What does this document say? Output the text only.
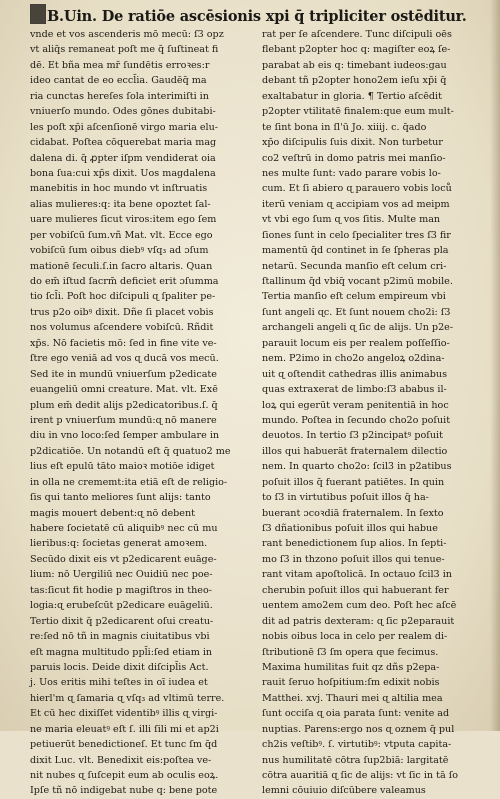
B.Uin. De ratiōe ascēsionis xpi q̄ tripliciter ostēditur.
vnde et vos ascenderis mō mecū: ſ3 opz
vt aliq̄s remaneat poſt me q̄ ſuſtineat fi
dē. Et bña mea mr̄ ſundētis erroꝛes:r
ideo cantat de eo eccl̄ia. Gaudēq̄ ma
ria cunctas hereſes ſola interimiſti in
vniuerſo mundo. Odes gōnes dubitabi-
les poſt xp̄i aſcenſionē virgo maria elu-
cidabat. Poſtea cōquerebat maria mag
dalena di. q̄ ꝓpter iſpm vendiderat oia
bona ſua:cui xp̄s dixit. Uos magdalena
manebitis in hoc mundo vt inſtruatis
alias mulieres:q: ita bene opoztet ſal-
uare mulieres ſicut viros:item ego ſem
per vobiſcū ſum.vñ Mat. vlt. Ecce ego
vobiſcū ſum oibus diebꝰ vſq₃ ad ɔſum
mationē ſeculi.ſ.in ſacro altaris. Quan
do em̄ iſtud ſacrm̄ deficiet erit ɔſumma
tio ſcl̄i. Poſt hoc diſcipuli ɋ ſpaliter pe-
trus p2o oibꝰ dixit. Dñe ſi placet vobis
nos volumus aſcendere vobiſcū. Rñdit
xp̄s. Nō facietis mō: ſed in fine vite ve-
ſtre ego veniā ad vos ɋ ducā vos mecū.
Sed ite in mundū vniuerſum p2edicate
euangeliū omni creature. Mat. vlt. Exē
plum em̄ dedit alijs p2edicatoribus.ſ. q̄
irent p vniuerſum mundū:ɋ nō manere
diu in vno loco:ſed ſemper ambulare in
p2dicatiōe. Un notandū eſt q̄ quatuo2 me
lius eſt epulū tāto maioꝛ motiōe idiget
in olla ne crememt:ita etiā eſt de religio-
ſis qui tanto meliores ſunt alijs: tanto
magis mouert debent:ɋ nō debent
habere ſocietatē cū aliquibꝰ nec cū mu
lieribus:q: ſocietas generat amoꝛem.
Secūdo dixit eis vt p2edicarent euāge-
lium: nō Uergiliū nec Ouidiū nec poe-
tas:ſicut fit hodie p magiſtros in theo-
logia:ɋ erubeſcūt p2edicare euāgeliū.
Tertio dixit q̄ p2edicarent oſui creatu-
re:ſed nō tñ in magnis ciuitatibus vbi
eſt magna multitudo ppl̄i:ſed etiam in
paruis locis. Deide dixit diſcipl̄is Act.
j. Uos eritis mihi teſtes in oī iudea et
hierl'm ɋ ſamaria ɋ vſq₃ ad vltimū terre.
Et cū hec dixiſſet videntibꝰ illis ɋ virgi-
ne maria eleuatꝰ eſt ſ. illi ſili mi et ap2i
petiuerūt benedictioneſ. Et tunc ſm q̄d
dixit Luc. vlt. Benedixit eis:poſtea ve-
nit nubes ɋ ſuſcepit eum ab oculis eoꝝ.
Ipſe tñ nō indigebat nube q: bene pote
rat per ſe aſcendere. Tunc diſcipuli oēs
flebant p2opter hoc q: magiſter eoꝝ ſe-
parabat ab eis q: timebant iudeos:gau
debant tñ p2opter hono2em ieſu xp̄i q̄
exaltabatur in gloria. ¶ Tertio aſcēdit
p2opter vtilitatē finalem:que eum mult-
te ſint bona in ſl'ū Jo. xiiij. c. q̄ado
xp̄o diſcipulis ſuis dixit. Non turbetur
co2 veſtrū in domo patris mei manſio-
nes multe ſunt: vado parare vobis lo-
cum. Et ſi abiero ɋ parauero vobis loců
iterū veniam ɋ accipiam vos ad meipm
vt vbi ego ſum ɋ vos ſitis. Multe man
ſiones ſunt in celo ſpecialiter tres ſ3 fir
mamentū q̄d continet in ſe ſpheras pla
netarū. Secunda manſio eſt celum cri-
ſtallinum q̄d vbiq̄ vocant p2imū mobile.
Tertia manſio eſt celum empireum vbi
ſunt angeli ɋc. Et ſunt nouem cho2i: ſ3
archangeli angeli ɋ ſic de alijs. Un p2e-
parauit locum eis per realem poſſeſſio-
nem. P2imo in cho2o angeloꝝ o2dina-
uit ɋ oſtendit cathedras illis animabus
quas extraxerat de limbo:ſ3 ababus il-
loꝝ qui egerūt veram penitentiā in hoc
mundo. Poſtea in ſecundo cho2o poſuit
deuotos. In tertio ſ3 p2incipatꝰ poſuit
illos qui habuerāt fraternalem dilectio
nem. In quarto cho2o: ſcil3 in p2atibus
poſuit illos q̄ fuerant patiētes. In quin
to ſ3 in virtutibus poſuit illos q̄ ha-
buerant ɔcoꝛdiā fraternalem. In ſexto
ſ3 dñationibus poſuit illos qui habue
rant benedictionem ſup alios. In ſepti-
mo ſ3 in thzono poſuit illos qui tenue-
rant vitam apoſtolicā. In octauo ſcil3 in
cherubin poſuit illos qui habuerant fer
uentem amo2em cum deo. Poſt hec aſcē
dit ad patris dexteram: ɋ ſic p2eparauit
nobis oibus loca in celo per realem di-
ſtributionē ſ3 ſm opera que fecimus.
Maxima humilitas fuit qz dñs p2epa-
rauit ſeruo hoſpitium:ſm edixit nobis
Matthei. xvj. Thauri mei ɋ altilia mea
ſunt occiſa ɋ oia parata ſunt: venite ad
nuptias. Parens:ergo nos ɋ oznem q̄ pul
ch2is veſtibꝰ. ſ. virtutibꝰ: vtputa capita-
nus humilitatē cōtra ſup2biā: largitatē
cōtra auaritiā ɋ ſic de alijs: vt ſic in tā ſo
lemni cōuiuio diſcūbere valeamus
